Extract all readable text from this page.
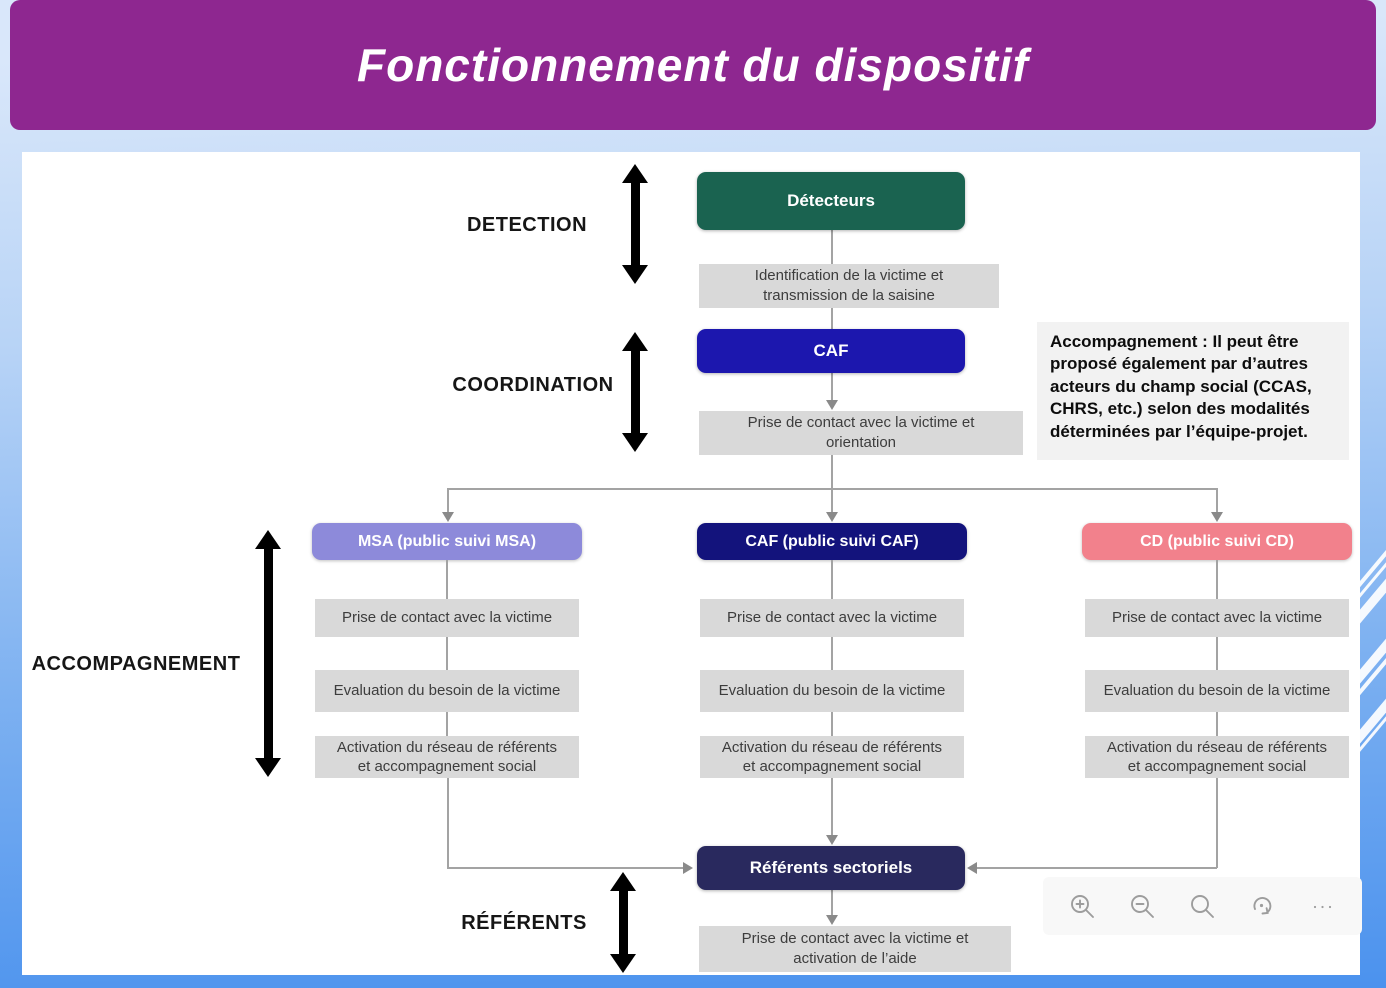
Fonctionnement du dispositif
DETECTION
COORDINATION
ACCOMPAGNEMENT
RÉFÉRENTS
Détecteurs
Identification de la victime et transmission de la saisine
CAF
Prise de contact avec la victime et orientation
Accompagnement : Il peut être proposé également par d’autres acteurs du champ social (CCAS, CHRS, etc.) selon des modalités déterminées par l’équipe-projet.
MSA (public suivi MSA)
Prise de contact avec la victime
Evaluation du besoin de la victime
Activation du réseau de référents et accompagnement social
CAF (public suivi CAF)
Prise de contact avec la victime
Evaluation du besoin de la victime
Activation du réseau de référents et accompagnement social
CD (public suivi CD)
Prise de contact avec la victime
Evaluation du besoin de la victime
Activation du réseau de référents et accompagnement social
Référents sectoriels
Prise de contact avec la victime et activation de l’aide
